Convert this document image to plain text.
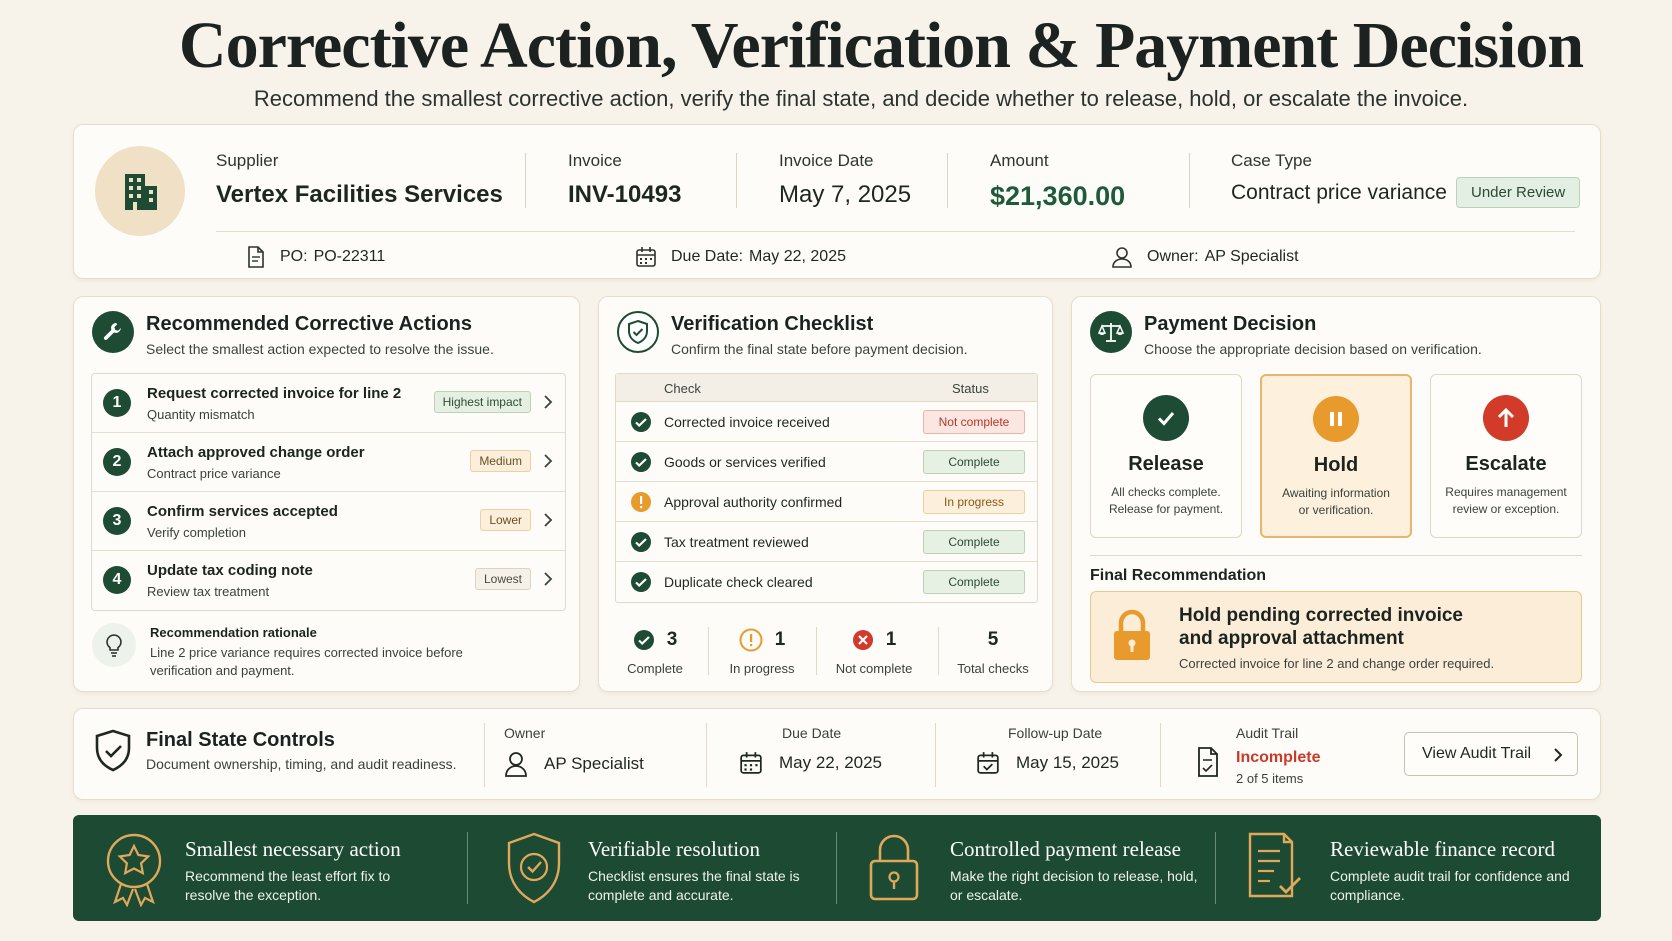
Corrective Action, Verification & Payment Decision
Recommend the smallest corrective action, verify the final state, and decide whether to release, hold, or escalate the invoice.
Supplier
Vertex Facilities Services
Invoice
INV-10493
Invoice Date
May 7, 2025
Amount
$21,360.00
Case Type
Contract price variance	Under Review
PO: PO-22311	Due Date: May 22, 2025	Owner: AP Specialist
Recommended Corrective Actions
Select the smallest action expected to resolve the issue.
1
Request corrected invoice for line 2
Quantity mismatch
Highest impact
2
Attach approved change order
Contract price variance
Medium
3
Confirm services accepted
Verify completion
Lower
4
Update tax coding note
Review tax treatment
Lowest
Recommendation rationale
Line 2 price variance requires corrected invoice before verification and payment.
Verification Checklist
Confirm the final state before payment decision.
Check	Status
Corrected invoice received	Not complete
Goods or services verified	Complete
Approval authority confirmed	In progress
Tax treatment reviewed	Complete
Duplicate check cleared	Complete
3
Complete
1
In progress
1
Not complete
5
Total checks
Payment Decision
Choose the appropriate decision based on verification.
Release
All checks complete.
Release for payment.
Hold
Awaiting information
or verification.
Escalate
Requires management
review or exception.
Final Recommendation
Hold pending corrected invoice and approval attachment
Corrected invoice for line 2 and change order required.
Final State Controls
Document ownership, timing, and audit readiness.
Owner
AP Specialist
Due Date
May 22, 2025
Follow-up Date
May 15, 2025
Audit Trail
Incomplete
2 of 5 items
View Audit Trail
Smallest necessary action
Recommend the least effort fix to resolve the exception.
Verifiable resolution
Checklist ensures the final state is complete and accurate.
Controlled payment release
Make the right decision to release, hold, or escalate.
Reviewable finance record
Complete audit trail for confidence and compliance.
